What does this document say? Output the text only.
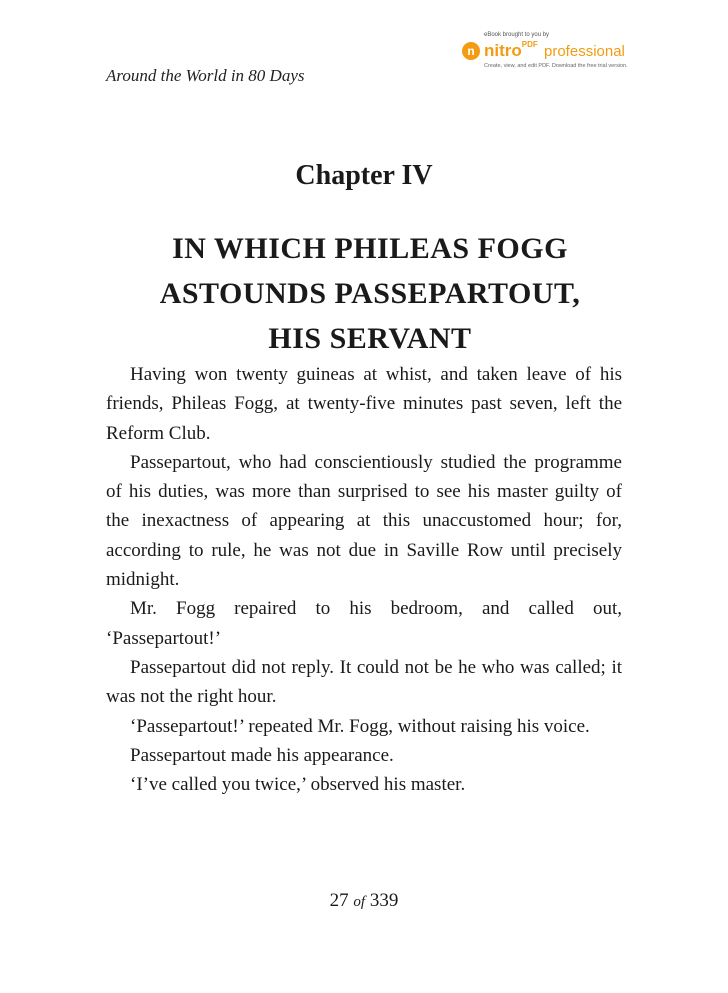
Around the World in 80 Days
eBook brought to you by
n nitro$^{PDF}$ professional
Create, view, and edit PDF. Download the free trial version.
Chapter IV
IN WHICH PHILEAS FOGG
ASTOUNDS PASSEPARTOUT,
HIS SERVANT

Having won twenty guineas at whist, and taken leave of his friends, Phileas Fogg, at twenty-five minutes past seven, left the Reform Club.

Passepartout, who had conscientiously studied the programme of his duties, was more than surprised to see his master guilty of the inexactness of appearing at this unaccustomed hour; for, according to rule, he was not due in Saville Row until precisely midnight.

Mr. Fogg repaired to his bedroom, and called out, ‘Passepartout!’

Passepartout did not reply. It could not be he who was called; it was not the right hour.

‘Passepartout!’ repeated Mr. Fogg, without raising his voice.

Passepartout made his appearance.

‘I’ve called you twice,’ observed his master.

27 of 339
